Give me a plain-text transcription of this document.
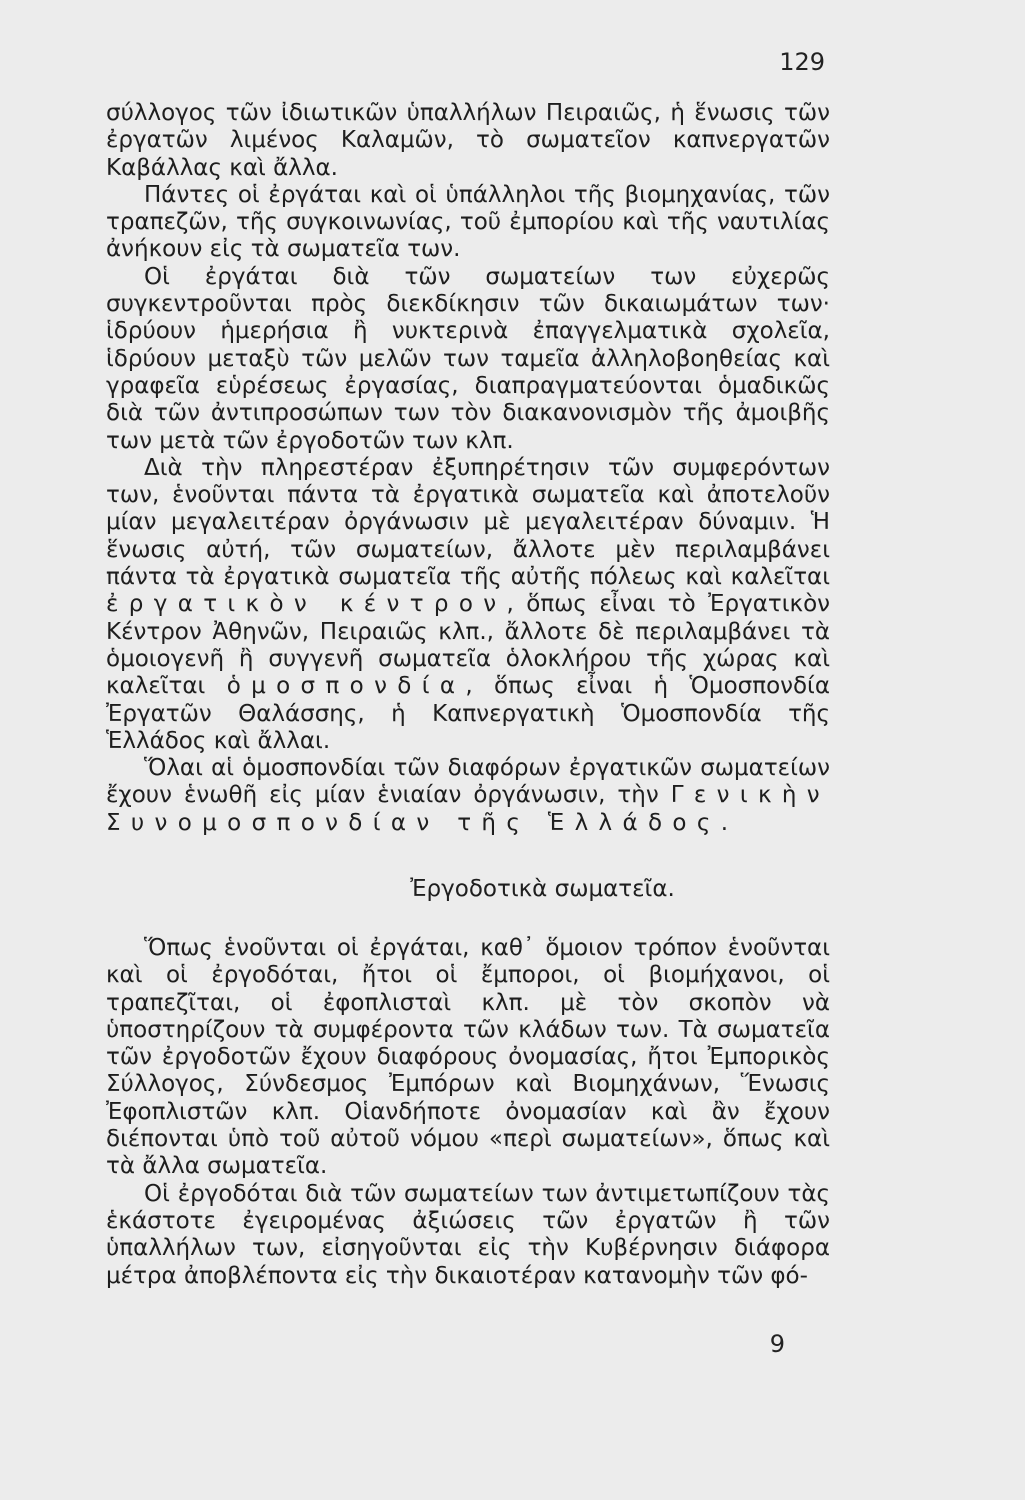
129

σύλλογος τῶν ἰδιωτικῶν ὑπαλλήλων Πειραιῶς, ἡ ἕνωσις τῶν ἐργατῶν λιμένος Καλαμῶν, τὸ σωματεῖον καπνεργατῶν Καβάλλας καὶ ἄλλα.

Πάντες οἱ ἐργάται καὶ οἱ ὑπάλληλοι τῆς βιομηχανίας, τῶν τραπεζῶν, τῆς συγκοινωνίας, τοῦ ἐμπορίου καὶ τῆς ναυτιλίας ἀνήκουν εἰς τὰ σωματεῖα των.

Οἱ ἐργάται διὰ τῶν σωματείων των εὐχερῶς συγκεντροῦνται πρὸς διεκδίκησιν τῶν δικαιωμάτων των· ἱδρύουν ἡμερήσια ἢ νυκτερινὰ ἐπαγγελματικὰ σχολεῖα, ἱδρύουν μεταξὺ τῶν μελῶν των ταμεῖα ἀλληλοβοηθείας καὶ γραφεῖα εὑρέσεως ἐργασίας, διαπραγματεύονται ὁμαδικῶς διὰ τῶν ἀντιπροσώπων των τὸν διακανονισμὸν τῆς ἀμοιβῆς των μετὰ τῶν ἐργοδοτῶν των κλπ.

Διὰ τὴν πληρεστέραν ἐξυπηρέτησιν τῶν συμφερόντων των, ἑνοῦνται πάντα τὰ ἐργατικὰ σωματεῖα καὶ ἀποτελοῦν μίαν μεγαλειτέραν ὀργάνωσιν μὲ μεγαλειτέραν δύναμιν. Ἡ ἕνωσις αὐτή, τῶν σωματείων, ἄλλοτε μὲν περιλαμβάνει πάντα τὰ ἐργατικὰ σωματεῖα τῆς αὐτῆς πόλεως καὶ καλεῖται ἐργατικὸν κέντρον, ὅπως εἶναι τὸ Ἐργατικὸν Κέντρον Ἀθηνῶν, Πειραιῶς κλπ., ἄλλοτε δὲ περιλαμβάνει τὰ ὁμοιογενῆ ἢ συγγενῆ σωματεῖα ὁλοκλήρου τῆς χώρας καὶ καλεῖται ὁμοσπονδία, ὅπως εἶναι ἡ Ὁμοσπονδία Ἐργατῶν Θαλάσσης, ἡ Καπνεργατικὴ Ὁμοσπονδία τῆς Ἑλλάδος καὶ ἄλλαι.

Ὅλαι αἱ ὁμοσπονδίαι τῶν διαφόρων ἐργατικῶν σωματείων ἔχουν ἑνωθῆ εἰς μίαν ἑνιαίαν ὀργάνωσιν, τὴν Γενικὴν Συνομοσπονδίαν τῆς Ἑλλάδος.

Ἐργοδοτικὰ σωματεῖα.

Ὅπως ἑνοῦνται οἱ ἐργάται, καθ᾿ ὅμοιον τρόπον ἑνοῦνται καὶ οἱ ἐργοδόται, ἤτοι οἱ ἔμποροι, οἱ βιομήχανοι, οἱ τραπεζῖται, οἱ ἐφοπλισταὶ κλπ. μὲ τὸν σκοπὸν νὰ ὑποστηρίζουν τὰ συμφέροντα τῶν κλάδων των. Τὰ σωματεῖα τῶν ἐργοδοτῶν ἔχουν διαφόρους ὀνομασίας, ἤτοι Ἐμπορικὸς Σύλλογος, Σύνδεσμος Ἐμπόρων καὶ Βιομηχάνων, Ἕνωσις Ἐφοπλιστῶν κλπ. Οἱανδήποτε ὀνομασίαν καὶ ἂν ἔχουν διέπονται ὑπὸ τοῦ αὐτοῦ νόμου «περὶ σωματείων», ὅπως καὶ τὰ ἄλλα σωματεῖα.

Οἱ ἐργοδόται διὰ τῶν σωματείων των ἀντιμετωπίζουν τὰς ἑκάστοτε ἐγειρομένας ἀξιώσεις τῶν ἐργατῶν ἢ τῶν ὑπαλλήλων των, εἰσηγοῦνται εἰς τὴν Κυβέρνησιν διάφορα μέτρα ἀποβλέποντα εἰς τὴν δικαιοτέραν κατανομὴν τῶν φό-

9
